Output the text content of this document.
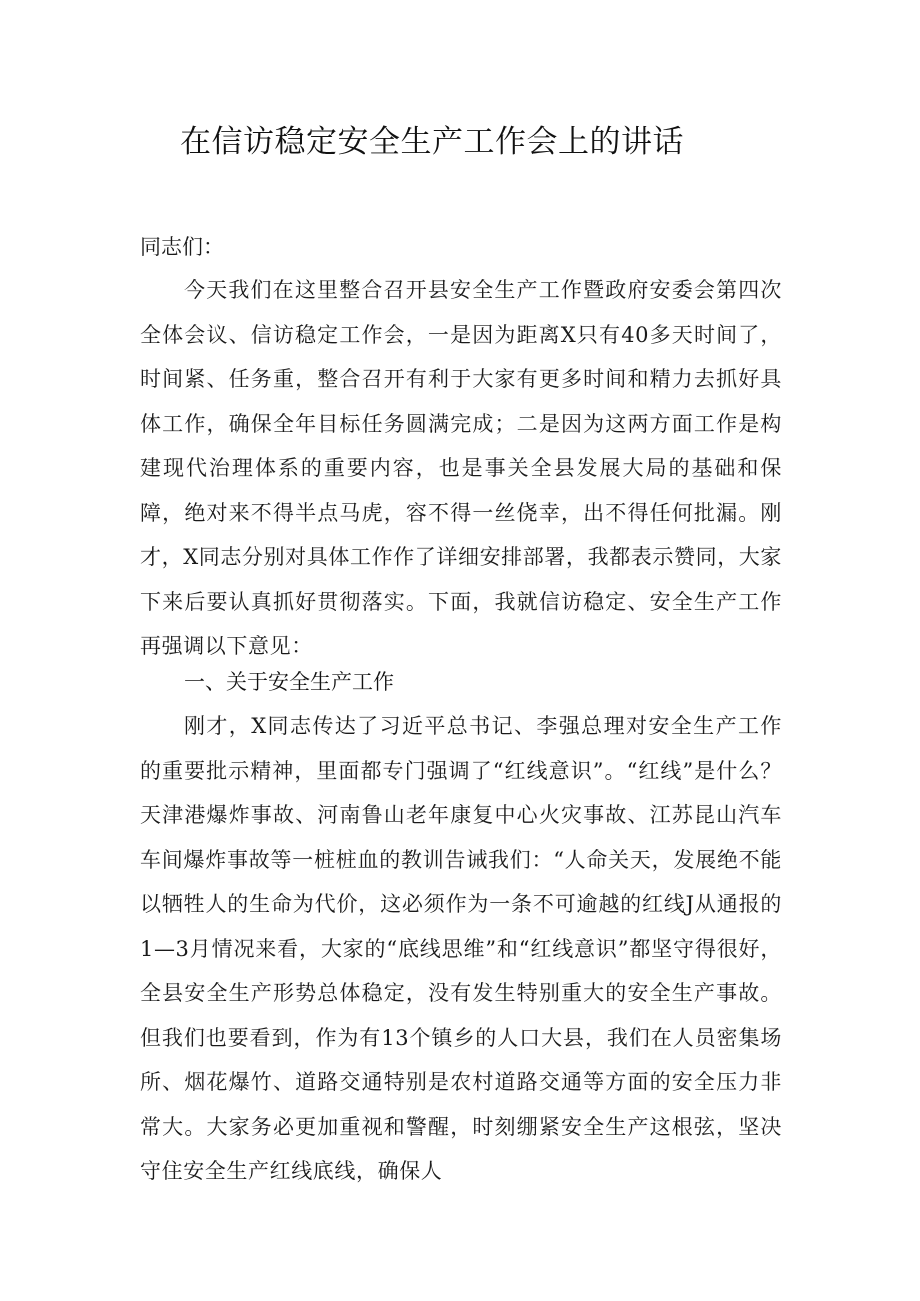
在信访稳定安全生产工作会上的讲话

同志们：

今天我们在这里整合召开县安全生产工作暨政府安委会第四次全体会议、信访稳定工作会，一是因为距离X只有40多天时间了，时间紧、任务重，整合召开有利于大家有更多时间和精力去抓好具体工作，确保全年目标任务圆满完成；二是因为这两方面工作是构建现代治理体系的重要内容，也是事关全县发展大局的基础和保障，绝对来不得半点马虎，容不得一丝侥幸，出不得任何批漏。刚才，X同志分别对具体工作作了详细安排部署，我都表示赞同，大家下来后要认真抓好贯彻落实。下面，我就信访稳定、安全生产工作再强调以下意见：

一、关于安全生产工作

刚才，X同志传达了习近平总书记、李强总理对安全生产工作的重要批示精神，里面都专门强调了“红线意识”。“红线”是什么？天津港爆炸事故、河南鲁山老年康复中心火灾事故、江苏昆山汽车车间爆炸事故等一桩桩血的教训告诫我们：“人命关天，发展绝不能以牺牲人的生命为代价，这必须作为一条不可逾越的红线J从通报的1—3月情况来看，大家的“底线思维”和“红线意识”都坚守得很好，全县安全生产形势总体稳定，没有发生特别重大的安全生产事故。但我们也要看到，作为有13个镇乡的人口大县，我们在人员密集场所、烟花爆竹、道路交通特别是农村道路交通等方面的安全压力非常大。大家务必更加重视和警醒，时刻绷紧安全生产这根弦，坚决守住安全生产红线底线，确保人
